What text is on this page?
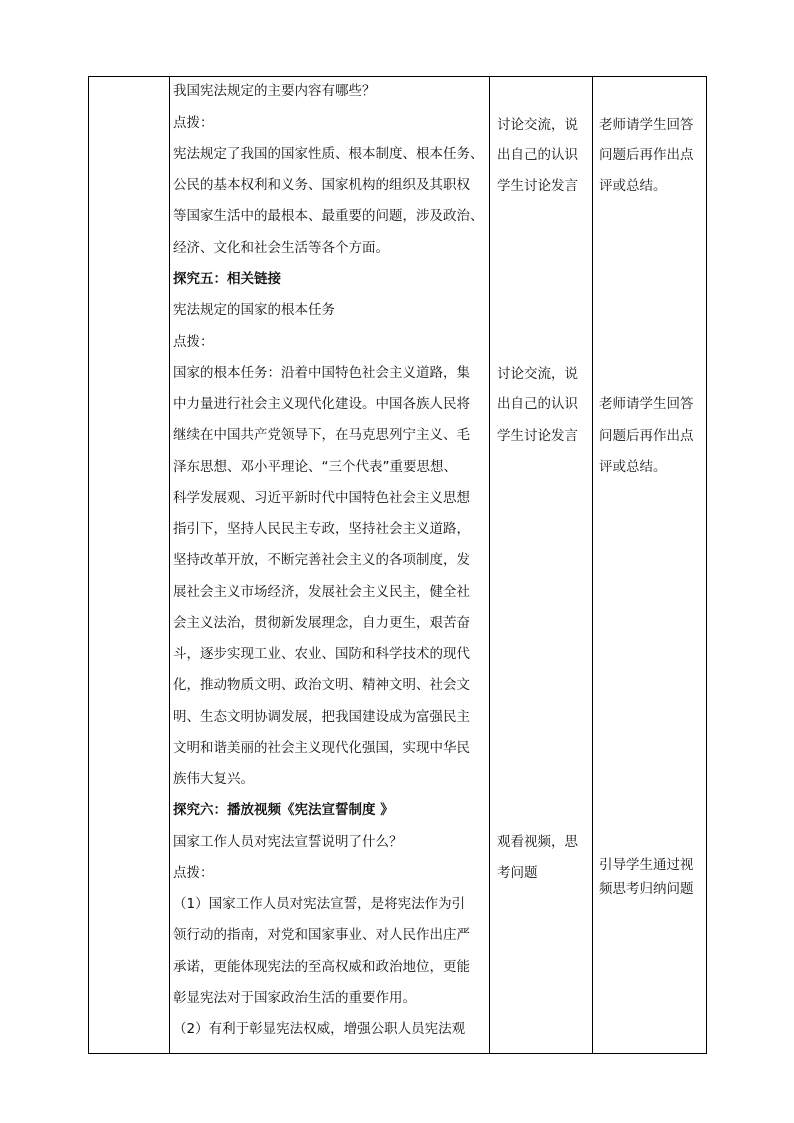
我国宪法规定的主要内容有哪些？
点拨：
宪法规定了我国的国家性质、根本制度、根本任务、
公民的基本权利和义务、国家机构的组织及其职权
等国家生活中的最根本、最重要的问题，涉及政治、
经济、文化和社会生活等各个方面。
探究五：相关链接
宪法规定的国家的根本任务
点拨：
国家的根本任务：沿着中国特色社会主义道路，集
中力量进行社会主义现代化建设。中国各族人民将
继续在中国共产党领导下，在马克思列宁主义、毛
泽东思想、邓小平理论、“三个代表”重要思想、
科学发展观、习近平新时代中国特色社会主义思想
指引下，坚持人民民主专政，坚持社会主义道路，
坚持改革开放，不断完善社会主义的各项制度，发
展社会主义市场经济，发展社会主义民主，健全社
会主义法治，贯彻新发展理念，自力更生，艰苦奋
斗，逐步实现工业、农业、国防和科学技术的现代
化，推动物质文明、政治文明、精神文明、社会文
明、生态文明协调发展，把我国建设成为富强民主
文明和谐美丽的社会主义现代化强国，实现中华民
族伟大复兴。
探究六：播放视频《宪法宣誓制度 》
国家工作人员对宪法宣誓说明了什么？
点拨：
（1）国家工作人员对宪法宣誓，是将宪法作为引
领行动的指南，对党和国家事业、对人民作出庄严
承诺，更能体现宪法的至高权威和政治地位，更能
彰显宪法对于国家政治生活的重要作用。
（2）有利于彰显宪法权威，增强公职人员宪法观
讨论交流，说
出自己的认识
学生讨论发言
讨论交流，说
出自己的认识
学生讨论发言
观看视频，思
考问题
老师请学生回答
问题后再作出点
评或总结。
老师请学生回答
问题后再作出点
评或总结。
引导学生通过视
频思考归纳问题
